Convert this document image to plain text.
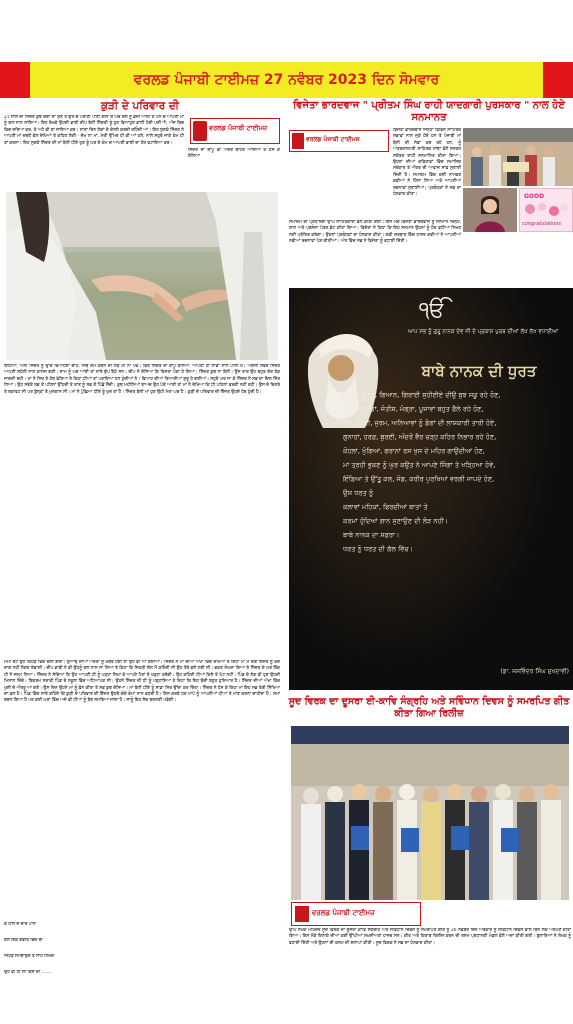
ਵਰਲਡ ਪੰਜਾਬੀ ਟਾਈਮਜ਼ 27 ਨਵੰਬਰ 2023 ਦਿਨ ਸੋਮਵਾਰ
ਕੁੜੀ ਦੇ ਪਰਿਵਾਰ ਦੀ
21 ਸਾਲ ਦੀ ਸਿੱਦਤ ਕੁਝ ਚੰਗਾ ਦਾ ਸੁਣ ਤੇ ਗੁੱਤ ਚ ਪਰਾਣੀ ਪਾਣੀ ਗਲੀ ਓ ਘਰ ਚੱਲ ਨੂੰ ਭੱਜੀ ਆਈ ਤੇ ਪੱਲ ਚ ਆਪਣੀ ਮਾਂ ਨੂੰ ਗਲ ਨਾਲ ਲਾਇਆ। ਇਹ ਦੇਖਕੇ ਉਹਦੀ ਭਾਬੀ ਦੀਪ ਬੋਲੀ ਸਿੱਦਤੀ ਤੂੰ ਹੁਣ ਵਿਆਹੁਣ ਵਾਲੀ ਹੋਈ ਪਈ ਐ, ਅੱਜ ਬਿਚ ਵਿਚ ਜ਼ਰਿਆ ਕਰ, ਤੇ ਅਹੇ ਵੀ ਥਾਂ ਜਾਇਆ ਕਰ। ਸਾਰਾ ਦਿਨ ਲੋਕਾਂ ਦੇ ਕੋਲਲੇ ਕਰਦੀ ਰਹਿੰਦੀ ਆਂ। ਇਹ ਸੁਣਕੇ ਸਿੱਦਤ ਨੇ ਆਪਣੀ ਮਾਂ ਚਰਣੋਂ ਵੱਲ ਦੇਖਿਆਂ ਤੇ ਕਹਿਣ ਲੱਗੀ - ਦੇਖ ਲਾ ਮਾਂ, ਮੇਰੀ ਉੱਮਰ ਹੀ ਕੀ ਆਂ ਹਲੇ, ਨਾਲੇ ਸਹੁਰੇ ਜਾਕੇ ਕੰਮ ਹੀ ਤਾਂ ਕਰਨਾ। ਇਹ ਸੁਣਕੇ ਸਿੱਦਤ ਦੀ ਮਾਂ ਬੋਲੀ ਧੀਏ ਹੁਣ ਤੂੰ ਘਰ ਦੇ ਕੰਮ ਚ ਆਪਣੀ ਭਾਬੀ ਦਾ ਹੱਥ ਵਟਾਇਆ ਕਰ।
ਵਰਲਡ ਪੰਜਾਬੀ ਟਾਈਮਜ਼
ਸਿੱਦਤ ਦਾ ਬਾਪੂ ਵੀ ਅੰਦਰੋਂ ਬਾਹਰ ਆਇਆ ਤੇ ਹੱਸ ਕੇ ਬੋਲਿਆ
ਇਹਿਆ, ਅਸੀਂ ਸਿੱਦਤ ਨੂੰ ਉੱਚੇ ਵਿਆਹਣਾ ਚਾਹੇ, ਜਿੱਥੇ ਕੰਮ ਕਰਨ ਦੀ ਲੋੜ ਹੀ ਨਾ ਪਵੇ। ਫਿਰ ਸਿੱਦਤ ਦਾ ਬਾਪੂ ਬੋਲਿਆ, ਆਪਣੀ ਧੀ ਲਾਡਾਂ ਨਾਲ ਪਾਲੀ ਹੈ। ਅਗਲੀ ਸਵੇਰ ਸਿੱਦਤ ਆਪਣੀ ਸਹੇਲੀ ਨਾਲ ਕਾਲਜ ਗਈ। ਸ਼ਾਮ ਨੂੰ ਘਰ ਆਈ ਤਾਂ ਸਾਰੇ ਚੁੱਪ ਬੈਠੇ ਸਨ। ਦੀਪ ਨੇ ਦੱਸਿਆ ਕਿ ਰਿਸ਼ਤਾ ਪੱਕਾ ਹੋ ਗਿਆ। ਸਿੱਦਤ ਕੁਝ ਨਾ ਬੋਲੀ। ਉਸ ਰਾਤ ਉਹ ਬਹੁਤ ਦੇਰ ਤੱਕ ਜਾਗਦੀ ਰਹੀ। ਮਾਂ ਨੇ ਸਿਰ ਤੇ ਹੱਥ ਫੇਰਿਆ ਤੇ ਕਿਹਾ ਧੀਆਂ ਤਾਂ ਪਰਾਇਆ ਧਨ ਹੁੰਦੀਆਂ ਨੇ। ਵਿਆਹ ਦੀਆਂ ਤਿਆਰੀਆਂ ਸ਼ੁਰੂ ਹੋ ਗਈਆਂ। ਸਹੁਰੇ ਘਰ ਜਾ ਕੇ ਸਿੱਦਤ ਨੇ ਸਭ ਦਾ ਦਿਲ ਜਿੱਤ ਲਿਆ। ਉਹ ਸਵੇਰੇ ਸਭ ਤੋਂ ਪਹਿਲਾਂ ਉੱਠਦੀ ਤੇ ਰਾਤ ਨੂੰ ਸਭ ਤੋਂ ਪਿੱਛੋਂ ਸੌਂਦੀ। ਕੁਝ ਮਹੀਨਿਆਂ ਬਾਅਦ ਉਹ ਪੇਕੇ ਆਈ ਤਾਂ ਮਾਂ ਨੇ ਦੇਖਿਆ ਕਿ ਧੀ ਪਹਿਲਾਂ ਵਰਗੀ ਨਹੀਂ ਰਹੀ। ਉਸ ਦੇ ਚਿਹਰੇ ਤੇ ਥਕਾਵਟ ਸੀ ਪਰ ਬੁੱਲ੍ਹਾਂ ਤੇ ਮੁਸਕਾਨ ਸੀ। ਮਾਂ ਨੇ ਪੁੱਛਿਆ ਧੀਏ ਤੂੰ ਖੁਸ਼ ਤਾਂ ਹੈਂ। ਸਿੱਦਤ ਬੋਲੀ ਮਾਂ ਹੁਣ ਉਹੀ ਮੇਰਾ ਘਰ ਹੈ। ਕੁੜੀ ਦੇ ਪਰਿਵਾਰ ਦੀ ਇੱਜਤ ਉਹਦੇ ਹੱਥ ਹੁੰਦੀ ਹੈ।
ਮੰਮੀ ਬੇਟੇ ਉਹ ਕਿਹੜੇ ਵਿਚ ਚਲੀ ਗਈ। ਗੁਆਂਢ ਦੀਆਂ ਔਰਤਾਂ ਨੂੰ ਖ਼ਬਰ ਹੋਈ ਤਾਂ ਉਹ ਵੀ ਆ ਗਈਆਂ। ਸਿੱਦਤ ਨੇ ਮਾਂ ਦੀਆਂ ਅੱਖਾਂ ਵਿੱਚ ਦੇਖਿਆ ਤੇ ਕਿਹਾ ਮਾਂ ਮੈਂ ਤੇਰੀ ਇੱਜਤ ਨੂੰ ਕਦੇ ਦਾਗ਼ ਨਹੀਂ ਲੱਗਣ ਦੇਵਾਂਗੀ। ਦੀਪ ਭਾਬੀ ਨੇ ਵੀ ਉਹਨੂੰ ਗਲ ਨਾਲ ਲਾ ਲਿਆ ਤੇ ਕਿਹਾ ਕਿ ਜਿਹੜੀ ਗੱਲ ਮੈਂ ਕਹਿੰਦੀ ਸੀ ਉਹ ਤੇਰੇ ਭਲੇ ਲਈ ਸੀ। ਵਕਤ ਲੰਘਦਾ ਗਿਆ ਤੇ ਸਿੱਦਤ ਦੇ ਘਰ ਇੱਕ ਧੀ ਨੇ ਜਨਮ ਲਿਆ। ਸਿੱਦਤ ਨੇ ਸੋਚਿਆ ਕਿ ਉਹ ਆਪਣੀ ਧੀ ਨੂੰ ਪੜ੍ਹਾ ਲਿਖਾ ਕੇ ਆਪਣੇ ਪੈਰਾਂ ਤੇ ਖੜ੍ਹਾ ਕਰੇਗੀ। ਉਹ ਕਹਿੰਦੀ ਧੀਆਂ ਕਿਸੇ ਤੋਂ ਘੱਟ ਨਹੀਂ। ਪਿੰਡ ਦੇ ਲੋਕ ਵੀ ਹੁਣ ਉਹਦੀ ਮਿਸਾਲ ਦਿੰਦੇ। ਬਿਕਰਮ ਸਰਾਵੀ ਪਿੰਡ ਦੇ ਸਕੂਲ ਵਿੱਚ ਅਧਿਆਪਕ ਸੀ। ਉਹਨੇ ਸਿੱਦਤ ਦੀ ਧੀ ਨੂੰ ਪੜ੍ਹਾਇਆ ਤੇ ਕਿਹਾ ਕਿ ਇਹ ਬੱਚੀ ਬਹੁਤ ਹੁਸ਼ਿਆਰ ਹੈ। ਸਿੱਦਤ ਦੀਆਂ ਅੱਖਾਂ ਵਿੱਚ ਖੁਸ਼ੀ ਦੇ ਅੱਥਰੂ ਆ ਗਏ। ਉਸ ਦਿਨ ਉਹਨੇ ਮਾਂ ਨੂੰ ਫ਼ੋਨ ਕੀਤਾ ਤੇ ਸਭ ਕੁਝ ਦੱਸਿਆ। ਮਾਂ ਬੋਲੀ ਧੀਏ ਤੂੰ ਸਾਡਾ ਸਿਰ ਉੱਚਾ ਕਰ ਦਿੱਤਾ। ਸਿੱਦਤ ਨੇ ਹੱਸ ਕੇ ਕਿਹਾ ਮਾਂ ਇਹ ਸਭ ਤੇਰੀ ਸਿੱਖਿਆ ਦਾ ਫਲ ਹੈ। ਪਿੰਡ ਵਿੱਚ ਸਾਰੇ ਕਹਿੰਦੇ ਕਿ ਕੁੜੀ ਦੇ ਪਰਿਵਾਰ ਦੀ ਇੱਜਤ ਉਹਦੇ ਚੰਗੇ ਕੰਮਾਂ ਨਾਲ ਵਧਦੀ ਹੈ। ਇਸ ਕਰਕੇ ਹਰ ਮਾਪੇ ਨੂੰ ਆਪਣੀਆਂ ਧੀਆਂ ਤੇ ਮਾਣ ਕਰਨਾ ਚਾਹੀਦਾ ਹੈ। ਸਮਾਂ ਬਦਲ ਗਿਆ ਹੈ ਪਰ ਕਈ ਘਰਾਂ ਵਿੱਚ ਅਜੇ ਵੀ ਧੀਆਂ ਨੂੰ ਬੋਝ ਸਮਝਿਆ ਜਾਂਦਾ ਹੈ। ਸਾਨੂੰ ਇਹ ਸੋਚ ਬਦਲਣੀ ਪਵੇਗੀ।
ਕੇ ਹਾਸੇ ਦੇ ਚਾਰੇ ਪਾਸੇ
ਗੱਲ ਇੱਕ ਗੰਭੀਰ ਵਿਚੋਂ ਦੀ
ਜਿਹੜੇ ਸਮਝਾਉਂਦੇ ਤੇ ਸਾਹ ਲਿਖਦੇ
ਉਹ ਵੀ ਧੀ ਸੀ ਕਿਸੇ ਦੀ ........
ਵਿਜੇਤਾ ਭਾਰਦਵਾਜ " ਪ੍ਰੀਤਮ ਸਿੰਘ ਰਾਹੀ ਯਾਦਗਾਰੀ ਪੁਰਸਕਾਰ " ਨਾਲ ਹੋਏ ਸਨਮਾਨਤ
ਵਰਲਡ ਪੰਜਾਬੀ ਟਾਈਮਜ਼
ਵਿਜੇਤਾ ਭਾਰਦਵਾਜ ਜਿਨ੍ਹਾਂ ਵਿਭਿੰਨ ਸਾਹਿਤਕ ਸਭਾਵਾਂ ਨਾਲ ਜੁੜੇ ਹੋਏ ਹਨ ਤੇ ਪੰਜਾਬੀ ਮਾਂ ਬੋਲੀ ਦੀ ਸੇਵਾ ਕਰ ਰਹੇ ਹਨ, ਨੂੰ ਅੰਤਰਰਾਸ਼ਟਰੀ ਸਾਹਿਤਕ ਸਾਂਝਾਂ ਵੱਲੋਂ ਜਨਰਲ ਸਕੱਤਰ ਰਾਹੀਂ ਸਨਮਾਨਿਤ ਕੀਤਾ ਗਿਆ। ਉਹਨਾਂ ਦੀਆਂ ਕਵਿਤਾਵਾਂ ਵਿੱਚ ਸਮਾਜਿਕ ਸਰੋਕਾਰ ਤੇ ਔਰਤ ਦੀ ਆਵਾਜ਼ ਸਾਫ਼ ਸੁਣਾਈ ਦਿੰਦੀ ਹੈ। ਸਮਾਗਮ ਵਿੱਚ ਕਈ ਨਾਮਵਰ ਕਵੀਆਂ ਨੇ ਹਿੱਸਾ ਲਿਆ ਅਤੇ ਆਪਣੀਆਂ ਰਚਨਾਵਾਂ ਸੁਣਾਈਆਂ। ਪ੍ਰਬੰਧਕਾਂ ਨੇ ਸਭ ਦਾ ਧੰਨਵਾਦ ਕੀਤਾ।	GOOD
congratulations
ਸਮਾਗਮ ਦੀ ਪ੍ਰਧਾਨਗੀ ਉੱਘੇ ਸਾਹਿਤਕਾਰਾਂ ਵੱਲੋਂ ਕੀਤੀ ਗਈ। ਇਸ ਮੌਕੇ ਵਿਜੇਤਾ ਭਾਰਦਵਾਜ ਨੂੰ ਸਨਮਾਨ ਚਿੰਨ੍ਹ, ਸ਼ਾਲ ਅਤੇ ਪ੍ਰਸ਼ੰਸਾ ਪੱਤਰ ਭੇਟ ਕੀਤਾ ਗਿਆ। ਵਿਜੇਤਾ ਨੇ ਕਿਹਾ ਕਿ ਇਹ ਸਨਮਾਨ ਉਹਨਾਂ ਨੂੰ ਹੋਰ ਵਧੀਆ ਲਿਖਣ ਲਈ ਪ੍ਰੇਰਿਤ ਕਰੇਗਾ। ਉਹਨਾਂ ਪ੍ਰਬੰਧਕਾਂ ਦਾ ਧੰਨਵਾਦ ਕੀਤਾ। ਕਵੀ ਦਰਬਾਰ ਵਿੱਚ ਹਾਜ਼ਰ ਕਵੀਆਂ ਨੇ ਆਪਣੀਆਂ ਨਵੀਆਂ ਰਚਨਾਵਾਂ ਪੇਸ਼ ਕੀਤੀਆਂ। ਅੰਤ ਵਿੱਚ ਸਭ ਨੇ ਵਿਜੇਤਾ ਨੂੰ ਵਧਾਈ ਦਿੱਤੀ।
ੴ
ਆਪ ਸਭ ਨੂੰ ਗੁਰੂ ਨਾਨਕ ਦੇਵ ਜੀ ਦੇ ਪ੍ਰਕਾਸ਼ ਪੁਰਬ ਦੀਆਂ ਲੱਖ ਲੱਖ ਵਧਾਈਆਂ
ਬਾਬੇ ਨਾਨਕ ਦੀ ਧੁਰਤ
ਜਿਸ ਨੇ ਗੁਰਬ, ਗਿਆਨ, ਗਿਰਾਈ ਸੁਹੀਈਏ ਦੀਉ ਬੁਝ ਸਕੂ ਰਹੇ ਹੋਣ,
ਦੰਬਲ, ਪਾਖੰਡਾਂ, ਜੋਤੀਸ਼, ਮੰਗ੍ਰਾ, ਪੂਜਾਵਾਂ ਬਹੁਤ ਫੈਲੇ ਰਹੇ ਹੋਣ,
ਕੂੜ, ਬੁਰਈ, ਜੁਰਮ, ਅਨਿਆਵਾਂ ਨੂੰ ਡੰਗਾਂ ਦੀ ਲਾਸ਼ਕਾਰੀ ਤਾਰੀ ਹੋਏ,
ਗੁਨਾਹਾਂ, ਹਰਫ਼, ਬੁਰਈ, ਅੰਦਰੋਂ ਵੈਰ ਚੜ੍ਹ ਕਹਿਰ ਨਿਭਾਰ ਰਹੇ ਹੋਣ,
ਕੋਹਲਾਂ, ਖੁੰਗਿਆਂ, ਗਰਾਨਾਂ ਰਸ ਖੁਸ ਦੇ ਮਹਿਰ ਗਾਉਂਦੀਆਂ ਹੋਣ,
ਮਾਂ ਤ੍ਰਹੀ ਭੁਕਣ ਨੂੰ ਘੁਰ ਕਉਤ ਨੇ ਆਪਣੇ ਸਿੰਗਾਂ ਤੇ ਖੜ੍ਹਿਆ ਹੋਵੇ,
ਇੰਡਿਆ ਤੇ ਉੱਤੂ ਕਲ, ਜੰਡ, ਕਰੀਰ ਪੁਰਖਿਆਂ ਵਰਗੀ ਜਾਪਦੇ ਹੋਣ,
ਉਸ ਧਰਤ ਨੂੰ
ਕਲਾਵਾਂ ਮਹਿਕਾਂ, ਫਿਰਦੀਆਂ ਬਾਤਾਂ ਤੇ
ਕਰਮਾਂ ਹੁੰਦਿਆਂ ਗਾਨ ਸੁਣਾਉਣ ਦੀ ਲੋੜ ਨਹੀਂ।
ਬਾਬੇ ਨਾਨਕ ਦਾ ਸਫ਼ਰਾ।
ਧਰਤ ਨੂੰ ਧਰਤ ਦੀ ਗੱਲ ਵਿੱਚ।
(ਡਾ. ਜਸਵਿੰਦਰ ਸਿੰਘ ਸੁਖਦਾਵੀ)
ਸੂਦ ਵਿਰਕ ਦਾ ਦੂਸਰਾ ਈ-ਕਾਵਿ ਸੰਗ੍ਰਹਿ ਅਤੇ ਸਵਿੰਧਾਨ ਦਿਵਸ ਨੂੰ ਸਮਰਪਿਤ ਗੀਤ ਕੀਤਾ ਗਿਆ ਰਿਲੀਜ਼
ਵਰਲਡ ਪੰਜਾਬੀ ਟਾਈਮਜ਼
ਉੱਘੇ ਲੇਖਕ ਮਹਿੰਦਰ ਸੂਦ ਵਿਰਕ ਦਾ ਦੂਸਰਾ ਕਾਵਿ ਸੰਗ੍ਰਹਿ ਅਤੇ ਸੰਵਿਧਾਨ ਦਿਵਸ ਨੂੰ ਸਮਰਪਿਤ ਗੀਤ ਨੂੰ 26 ਨਵੰਬਰ ਦਿਨ ਐਤਵਾਰ ਨੂੰ ਸੰਵਿਧਾਨ ਦਿਵਸ ਵਾਲੇ ਦਿਨ ਲੋਕ ਅਰਪਣ ਕੀਤਾ ਗਿਆ। ਇਸ ਮੌਕੇ ਇਲਾਕੇ ਦੀਆਂ ਕਈ ਉੱਘੀਆਂ ਸ਼ਖ਼ਸੀਅਤਾਂ ਹਾਜ਼ਰ ਸਨ। ਗੀਤ ਅਤੇ ਕਿਤਾਬ ਰਿਲੀਜ਼ ਕਰਨ ਦੀ ਰਸਮ ਪ੍ਰਧਾਨਗੀ ਮੰਡਲ ਵੱਲੋਂ ਅਦਾ ਕੀਤੀ ਗਈ। ਬੁਲਾਰਿਆਂ ਨੇ ਲੇਖਕ ਨੂੰ ਵਧਾਈ ਦਿੱਤੀ ਅਤੇ ਉਹਨਾਂ ਦੀ ਕਲਮ ਦੀ ਸ਼ਲਾਘਾ ਕੀਤੀ। ਸੂਦ ਵਿਰਕ ਨੇ ਸਭ ਦਾ ਧੰਨਵਾਦ ਕੀਤਾ।
